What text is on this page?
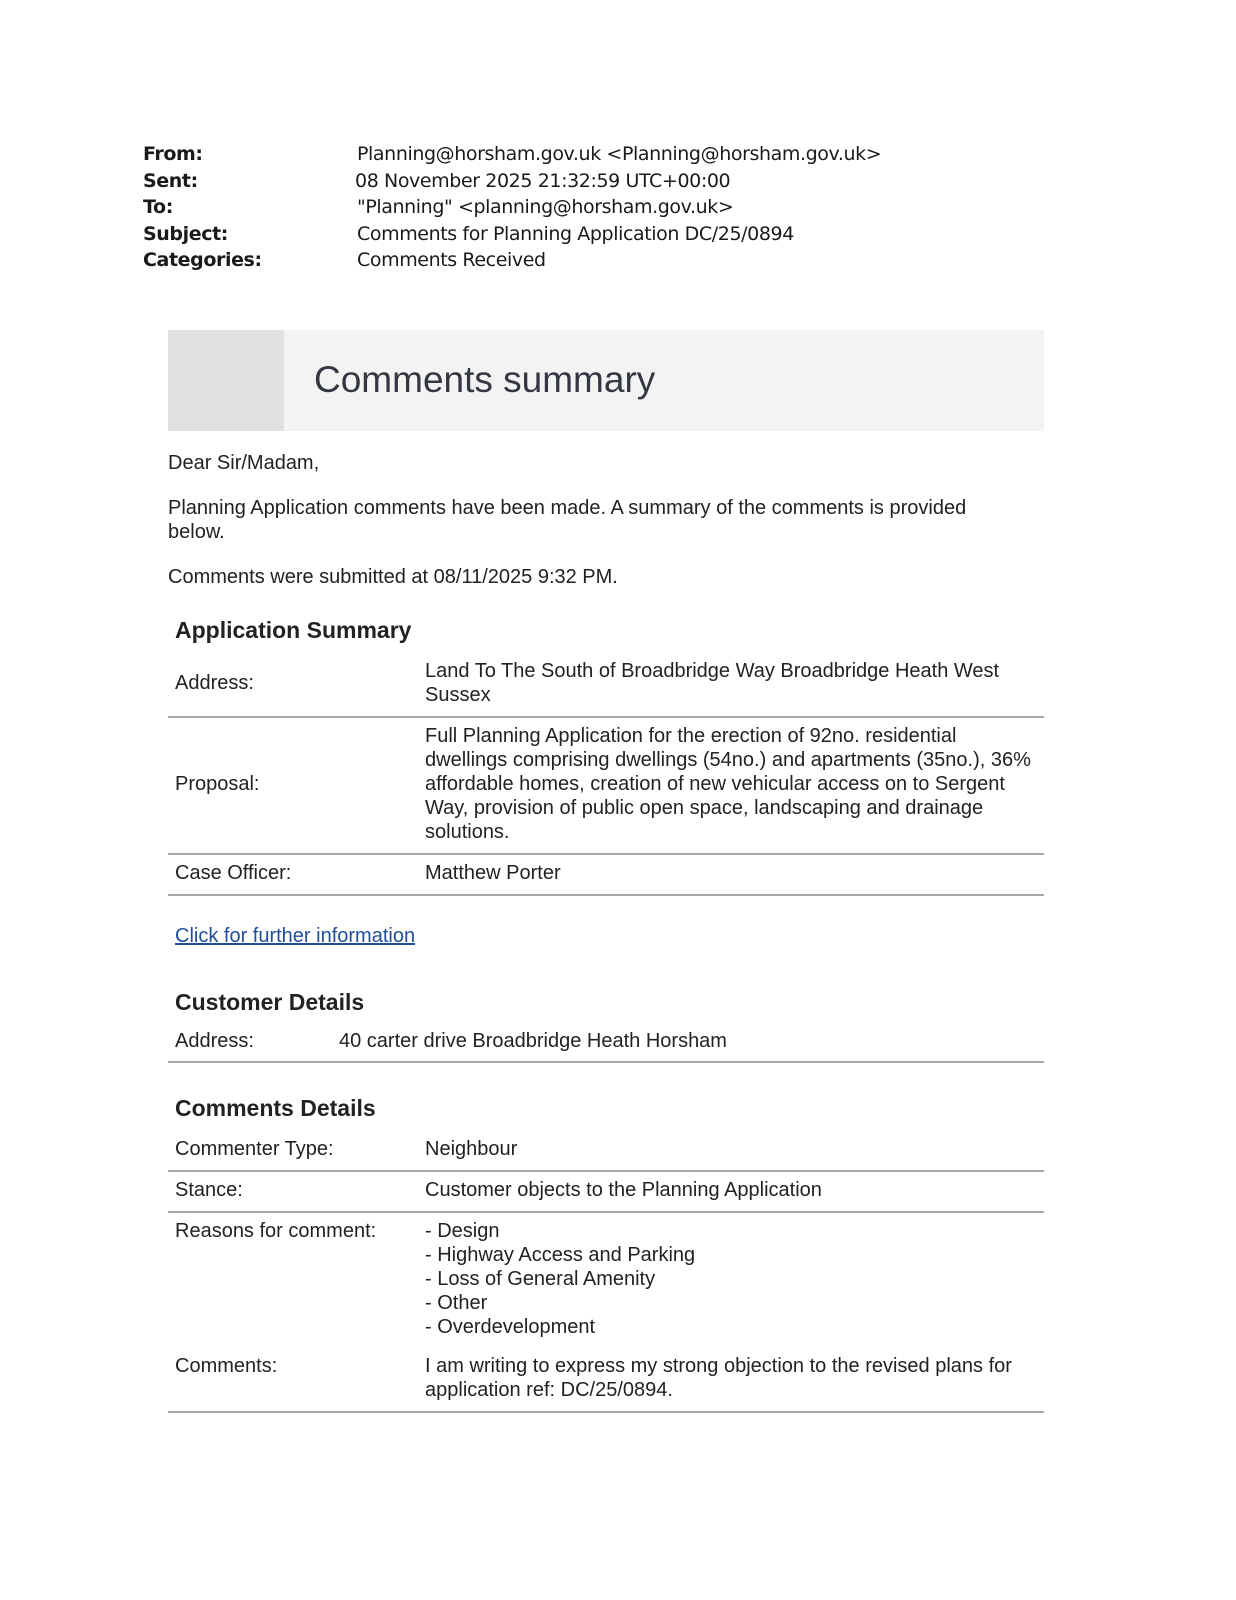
From:	Planning@horsham.gov.uk <Planning@horsham.gov.uk>
Sent:	08 November 2025 21:32:59 UTC+00:00
To:	"Planning" <planning@horsham.gov.uk>
Subject:	Comments for Planning Application DC/25/0894
Categories:	Comments Received
Comments summary
Dear Sir/Madam,
Planning Application comments have been made. A summary of the comments is provided below.
Comments were submitted at 08/11/2025 9:32 PM.
Application Summary
Address:	Land To The South of Broadbridge Way Broadbridge Heath West Sussex
Proposal:	Full Planning Application for the erection of 92no. residential dwellings comprising dwellings (54no.) and apartments (35no.), 36% affordable homes, creation of new vehicular access on to Sergent Way, provision of public open space, landscaping and drainage solutions.
Case Officer:	Matthew Porter
Click for further information
Customer Details
Address:	40 carter drive Broadbridge Heath Horsham
Comments Details
Commenter Type:	Neighbour
Stance:	Customer objects to the Planning Application
Reasons for comment:	- Design
- Highway Access and Parking
- Loss of General Amenity
- Other
- Overdevelopment

Comments:	I am writing to express my strong objection to the revised plans for application ref: DC/25/0894.
